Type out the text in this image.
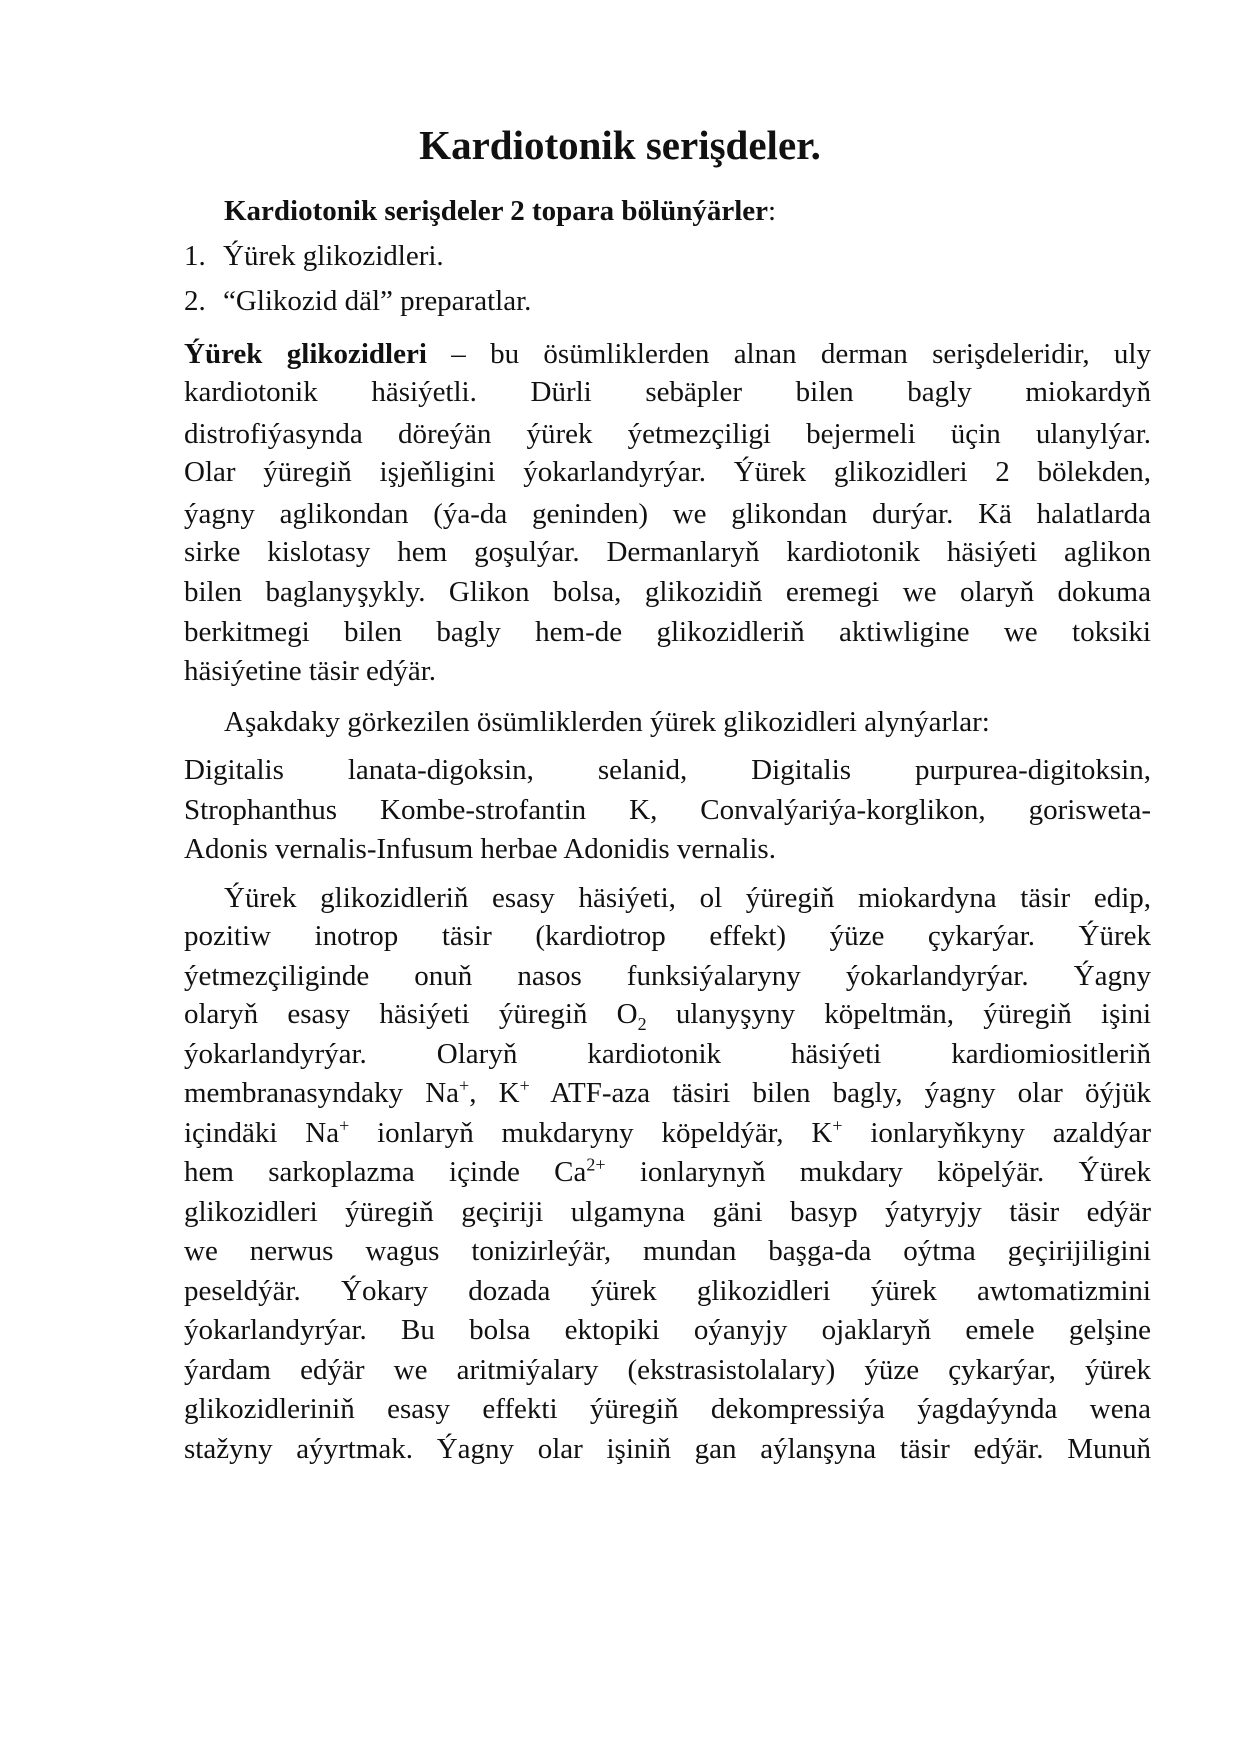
Kardiotonik serişdeler.
Kardiotonik serişdeler 2 topara bölünýärler:
1. Ýürek glikozidleri.
2. “Glikozid däl” preparatlar.
Ýürek glikozidleri – bu ösümliklerden alnan derman serişdeleridir, uly
kardiotonik häsiýetli. Dürli sebäpler bilen bagly miokardyň
distrofiýasynda döreýän ýürek ýetmezçiligi bejermeli üçin ulanylýar.
Olar ýüregiň işjeňligini ýokarlandyrýar. Ýürek glikozidleri 2 bölekden,
ýagny aglikondan (ýa-da geninden) we glikondan durýar. Kä halatlarda
sirke kislotasy hem goşulýar. Dermanlaryň kardiotonik häsiýeti aglikon
bilen baglanyşykly. Glikon bolsa, glikozidiň eremegi we olaryň dokuma
berkitmegi bilen bagly hem-de glikozidleriň aktiwligine we toksiki
häsiýetine täsir edýär.
Aşakdaky görkezilen ösümliklerden ýürek glikozidleri alynýarlar:
Digitalis lanata-digoksin, selanid, Digitalis purpurea-digitoksin,
Strophanthus Kombe-strofantin K, Convalýariýa-korglikon, gorisweta-
Adonis vernalis-Infusum herbae Adonidis vernalis.
Ýürek glikozidleriň esasy häsiýeti, ol ýüregiň miokardyna täsir edip,
pozitiw inotrop täsir (kardiotrop effekt) ýüze çykarýar. Ýürek
ýetmezçiliginde onuň nasos funksiýalaryny ýokarlandyrýar. Ýagny
olaryň esasy häsiýeti ýüregiň $O_2$ ulanyşyny köpeltmän, ýüregiň işini
ýokarlandyrýar. Olaryň kardiotonik häsiýeti kardiomiositleriň
membranasyndaky Na+, K+ ATF-aza täsiri bilen bagly, ýagny olar öýjük
içindäki Na+ ionlaryň mukdaryny köpeldýär, K+ ionlaryňkyny azaldýar
hem sarkoplazma içinde $Ca^{2+}$ ionlarynyň mukdary köpelýär. Ýürek
glikozidleri ýüregiň geçiriji ulgamyna gäni basyp ýatyryjy täsir edýär
we nerwus wagus tonizirleýär, mundan başga-da oýtma geçirijiligini
peseldýär. Ýokary dozada ýürek glikozidleri ýürek awtomatizmini
ýokarlandyrýar. Bu bolsa ektopiki oýanyjy ojaklaryň emele gelşine
ýardam edýär we aritmiýalary (ekstrasistolalary) ýüze çykarýar, ýürek
glikozidleriniň esasy effekti ýüregiň dekompressiýa ýagdaýynda wena
stažyny aýyrtmak. Ýagny olar işiniň gan aýlanşyna täsir edýär. Munuň
